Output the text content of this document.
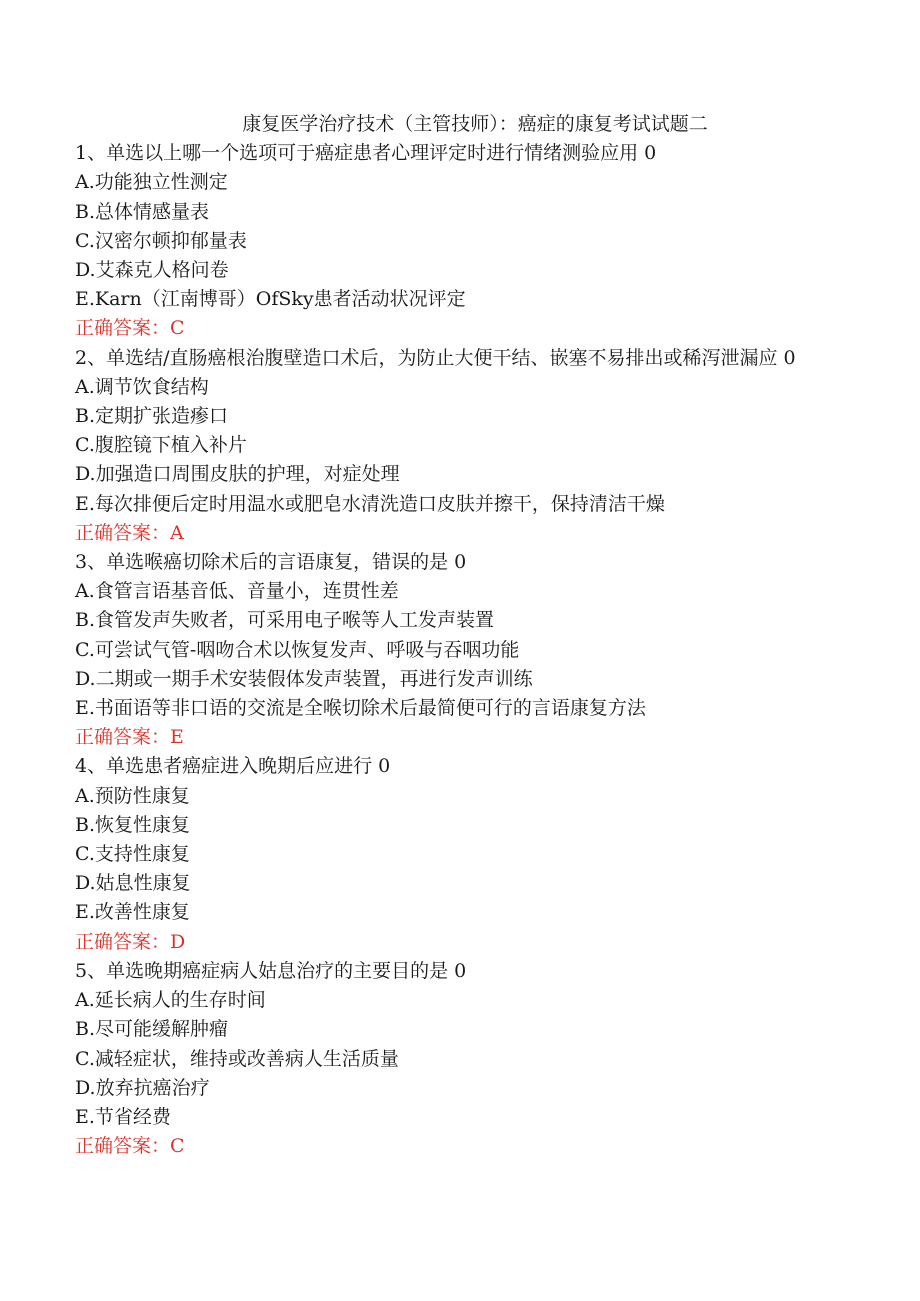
康复医学治疗技术（主管技师）：癌症的康复考试试题二
1、单选以上哪一个选项可于癌症患者心理评定时进行情绪测验应用 0
A.功能独立性测定
B.总体情感量表
C.汉密尔顿抑郁量表
D.艾森克人格问卷
E.Karn（江南博哥）OfSky患者活动状况评定
正确答案：C
2、单选结/直肠癌根治腹壁造口术后，为防止大便干结、嵌塞不易排出或稀泻泄漏应 0
A.调节饮食结构
B.定期扩张造瘆口
C.腹腔镜下植入补片
D.加强造口周围皮肤的护理，对症处理
E.每次排便后定时用温水或肥皂水清洗造口皮肤并擦干，保持清洁干燥
正确答案：A
3、单选喉癌切除术后的言语康复，错误的是 0
A.食管言语基音低、音量小，连贯性差
B.食管发声失败者，可采用电子喉等人工发声装置
C.可尝试气管-咽吻合术以恢复发声、呼吸与吞咽功能
D.二期或一期手术安装假体发声装置，再进行发声训练
E.书面语等非口语的交流是全喉切除术后最简便可行的言语康复方法
正确答案：E
4、单选患者癌症进入晚期后应进行 0
A.预防性康复
B.恢复性康复
C.支持性康复
D.姑息性康复
E.改善性康复
正确答案：D
5、单选晚期癌症病人姑息治疗的主要目的是 0
A.延长病人的生存时间
B.尽可能缓解肿瘤
C.减轻症状，维持或改善病人生活质量
D.放弃抗癌治疗
E.节省经费
正确答案：C
